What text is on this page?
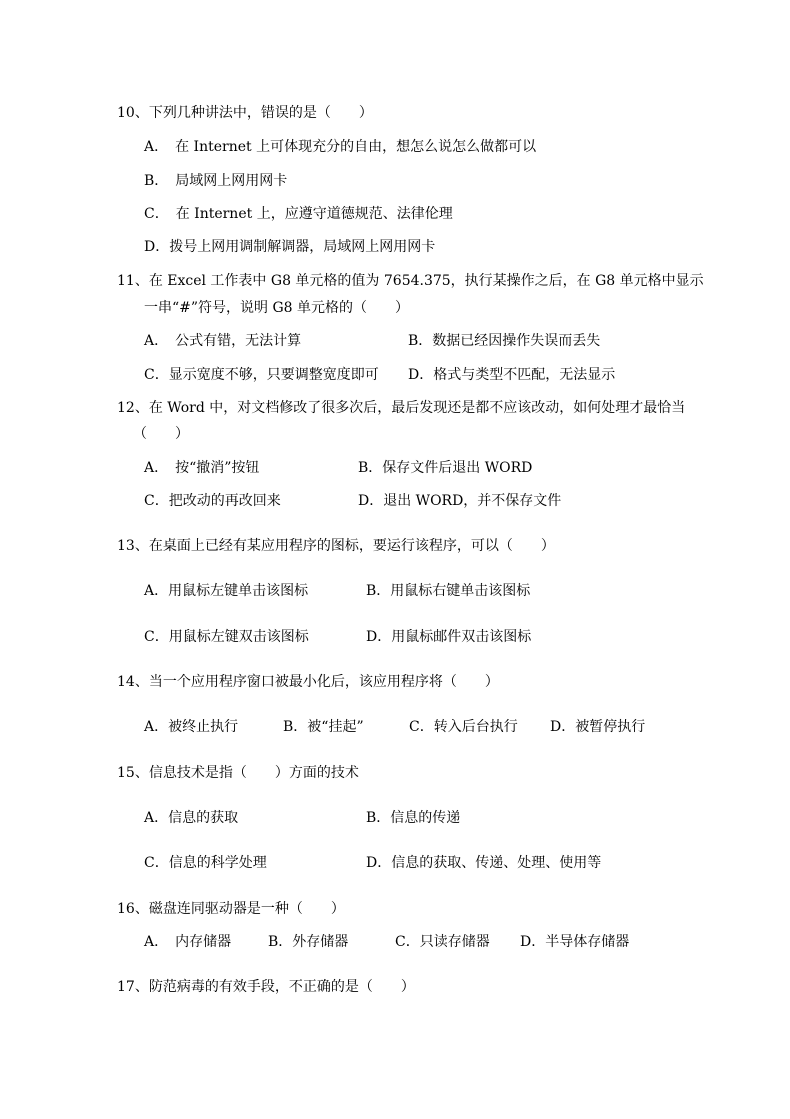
10、下列几种讲法中，错误的是（　　）
A．　在 Internet 上可体现充分的自由，想怎么说怎么做都可以
B．　局域网上网用网卡
C．　在 Internet 上，应遵守道德规范、法律伦理
D．拨号上网用调制解调器，局域网上网用网卡
11、在 Excel 工作表中 G8 单元格的值为 7654.375，执行某操作之后，在 G8 单元格中显示
一串“#”符号，说明 G8 单元格的（　　）
A．　公式有错，无法计算	B．数据已经因操作失误而丢失
C．显示宽度不够，只要调整宽度即可 D．格式与类型不匹配，无法显示
12、在 Word 中，对文档修改了很多次后，最后发现还是都不应该改动，如何处理才最恰当
（　　）
A．　按“撤消”按钮	B．保存文件后退出 WORD
C．把改动的再改回来	D．退出 WORD，并不保存文件
13、在桌面上已经有某应用程序的图标，要运行该程序，可以（　　）
A．用鼠标左键单击该图标	B．用鼠标右键单击该图标
C．用鼠标左键双击该图标	D．用鼠标邮件双击该图标
14、当一个应用程序窗口被最小化后，该应用程序将（　　）
A．被终止执行	B．被“挂起”	C．转入后台执行 D．被暂停执行
15、信息技术是指（　　）方面的技术
A．信息的获取	B．信息的传递
C．信息的科学处理	D．信息的获取、传递、处理、使用等
16、磁盘连同驱动器是一种（　　）
A．　内存储器	B．外存储器	C．只读存储器 D．半导体存储器
17、防范病毒的有效手段，不正确的是（　　）
